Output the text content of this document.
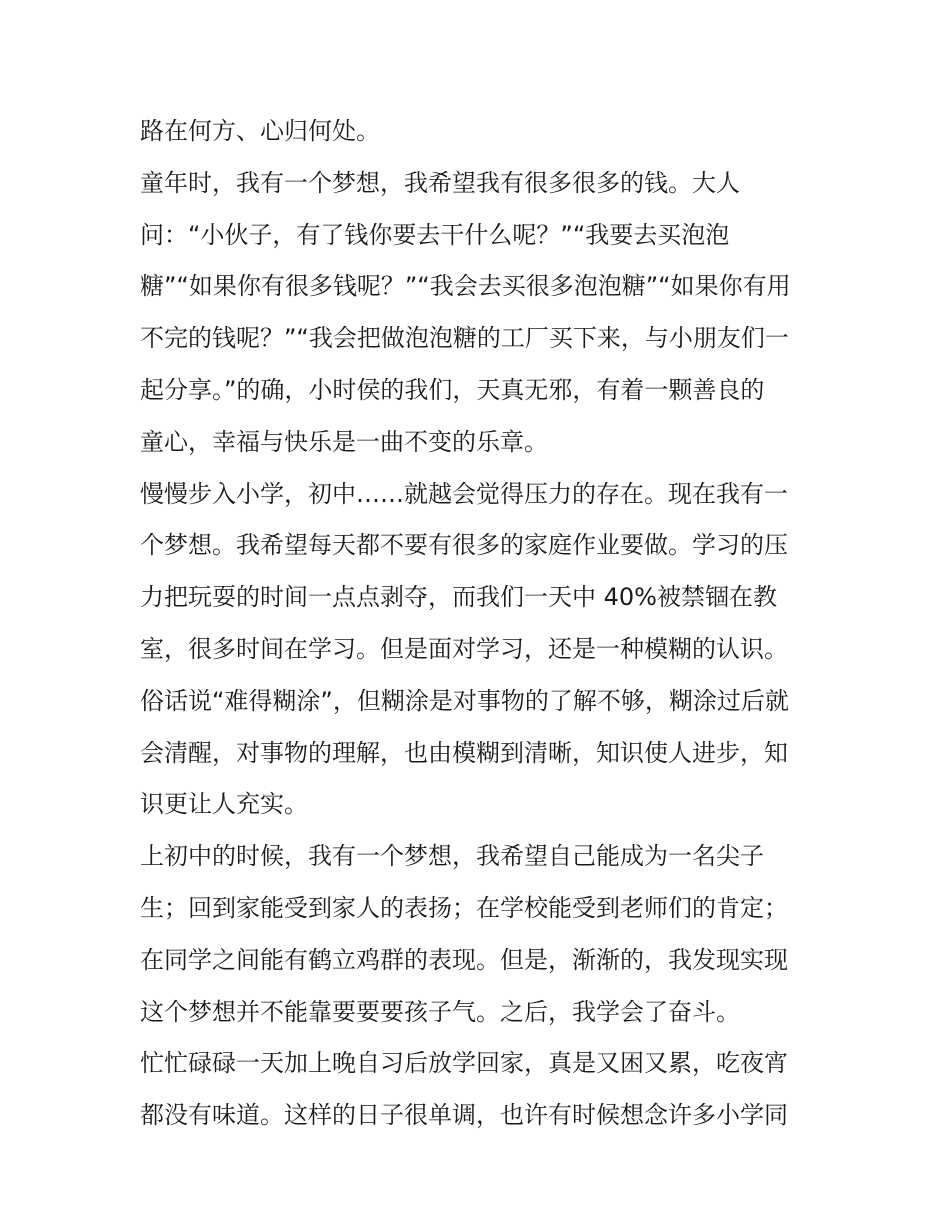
路在何方、心归何处。
童年时，我有一个梦想，我希望我有很多很多的钱。大人
问：“小伙子，有了钱你要去干什么呢？”“我要去买泡泡
糖”“如果你有很多钱呢？”“我会去买很多泡泡糖”“如果你有用
不完的钱呢？”“我会把做泡泡糖的工厂买下来，与小朋友们一
起分享。”的确，小时侯的我们，天真无邪，有着一颗善良的
童心，幸福与快乐是一曲不变的乐章。
慢慢步入小学，初中……就越会觉得压力的存在。现在我有一
个梦想。我希望每天都不要有很多的家庭作业要做。学习的压
力把玩耍的时间一点点剥夺，而我们一天中 40%被禁锢在教
室，很多时间在学习。但是面对学习，还是一种模糊的认识。
俗话说“难得糊涂”，但糊涂是对事物的了解不够，糊涂过后就
会清醒，对事物的理解，也由模糊到清晰，知识使人进步，知
识更让人充实。
上初中的时候，我有一个梦想，我希望自己能成为一名尖子
生；回到家能受到家人的表扬；在学校能受到老师们的肯定；
在同学之间能有鹤立鸡群的表现。但是，渐渐的，我发现实现
这个梦想并不能靠要要要孩子气。之后，我学会了奋斗。
忙忙碌碌一天加上晚自习后放学回家，真是又困又累，吃夜宵
都没有味道。这样的日子很单调，也许有时候想念许多小学同
